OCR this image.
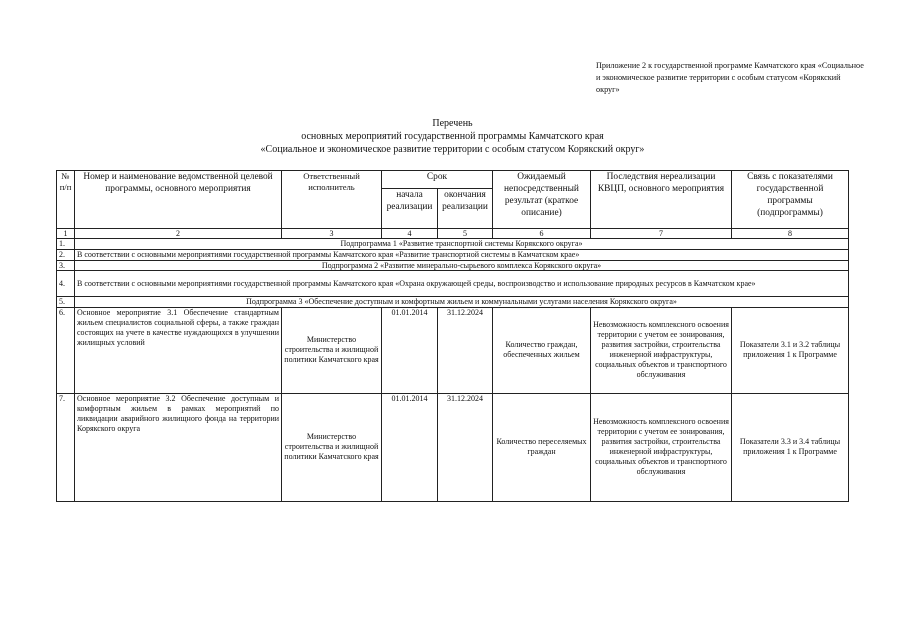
Приложение 2 к государственной программе Камчатского края «Социальное и экономическое развитие территории с особым статусом «Корякский округ»
Перечень
основных мероприятий государственной программы Камчатского края
«Социальное и экономическое развитие территории с особым статусом Корякский округ»
№ п/п	Номер и наименование ведомственной целевой программы, основного мероприятия	Ответственный исполнитель	Срок		Ожидаемый непосредственный результат (краткое описание)	Последствия нереализации КВЦП, основного мероприятия	Связь с показателями государственной программы (подпрограммы)
			начала реализации	окончания реализации			
1	2	3	4	5	6	7	8
1.	Подпрограмма 1 «Развитие транспортной системы Корякского округа»						
2.	В соответствии с основными мероприятиями государственной программы Камчатского края «Развитие транспортной системы в Камчатском крае»						
3.	Подпрограмма 2 «Развитие минерально-сырьевого комплекса Корякского округа»						
4.	В соответствии с основными мероприятиями государственной программы Камчатского края «Охрана окружающей среды, воспроизводство и использование природных ресурсов в Камчатском крае»						
5.	Подпрограмма 3 «Обеспечение доступным и комфортным жильем и коммунальными услугами населения Корякского округа»						
6.	Основное мероприятие 3.1 Обеспечение стандартным жильем специалистов социальной сферы, а также граждан состоящих на учете в качестве нуждающихся в улучшении жилищных условий	Министерство строительства и жилищной политики Камчатского края	01.01.2014	31.12.2024	Количество граждан, обеспеченных жильем	Невозможность комплексного освоения территории с учетом ее зонирования, развития застройки, строительства инженерной инфраструктуры, социальных объектов и транспортного обслуживания	Показатели 3.1 и 3.2 таблицы приложения 1 к Программе
7.	Основное мероприятие 3.2 Обеспечение доступным и комфортным жильем в рамках мероприятий по ликвидации аварийного жилищного фонда на территории Корякского округа	Министерство строительства и жилищной политики Камчатского края	01.01.2014	31.12.2024	Количество переселяемых граждан	Невозможность комплексного освоения территории с учетом ее зонирования, развития застройки, строительства инженерной инфраструктуры, социальных объектов и транспортного обслуживания	Показатели 3.3 и 3.4 таблицы приложения 1 к Программе
